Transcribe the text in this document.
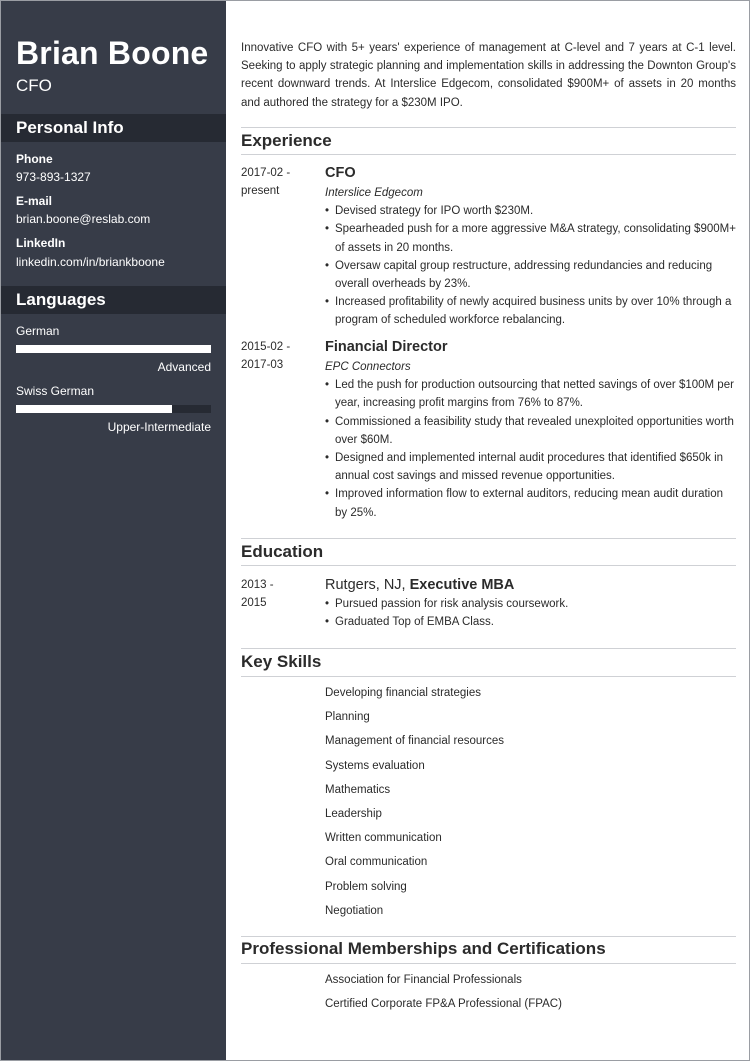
Brian Boone
CFO
Personal Info
Phone
973-893-1327
E-mail
brian.boone@reslab.com
LinkedIn
linkedin.com/in/briankboone
Languages
German
Advanced
Swiss German
Upper-Intermediate
Innovative CFO with 5+ years' experience of management at C-level and 7 years at C-1 level. Seeking to apply strategic planning and implementation skills in addressing the Downton Group's recent downward trends. At Interslice Edgecom, consolidated $900M+ of assets in 20 months and authored the strategy for a $230M IPO.
Experience
2017-02 -
present
CFO
Interslice Edgecom
• Devised strategy for IPO worth $230M.
• Spearheaded push for a more aggressive M&A strategy, consolidating $900M+ of assets in 20 months.
• Oversaw capital group restructure, addressing redundancies and reducing overall overheads by 23%.
• Increased profitability of newly acquired business units by over 10% through a program of scheduled workforce rebalancing.
2015-02 -
2017-03
Financial Director
EPC Connectors
• Led the push for production outsourcing that netted savings of over $100M per year, increasing profit margins from 76% to 87%.
• Commissioned a feasibility study that revealed unexploited opportunities worth over $60M.
• Designed and implemented internal audit procedures that identified $650k in annual cost savings and missed revenue opportunities.
• Improved information flow to external auditors, reducing mean audit duration by 25%.
Education
2013 -
2015
Rutgers, NJ, Executive MBA
• Pursued passion for risk analysis coursework.
• Graduated Top of EMBA Class.
Key Skills
Developing financial strategies
Planning
Management of financial resources
Systems evaluation
Mathematics
Leadership
Written communication
Oral communication
Problem solving
Negotiation
Professional Memberships and Certifications
Association for Financial Professionals
Certified Corporate FP&A Professional (FPAC)
